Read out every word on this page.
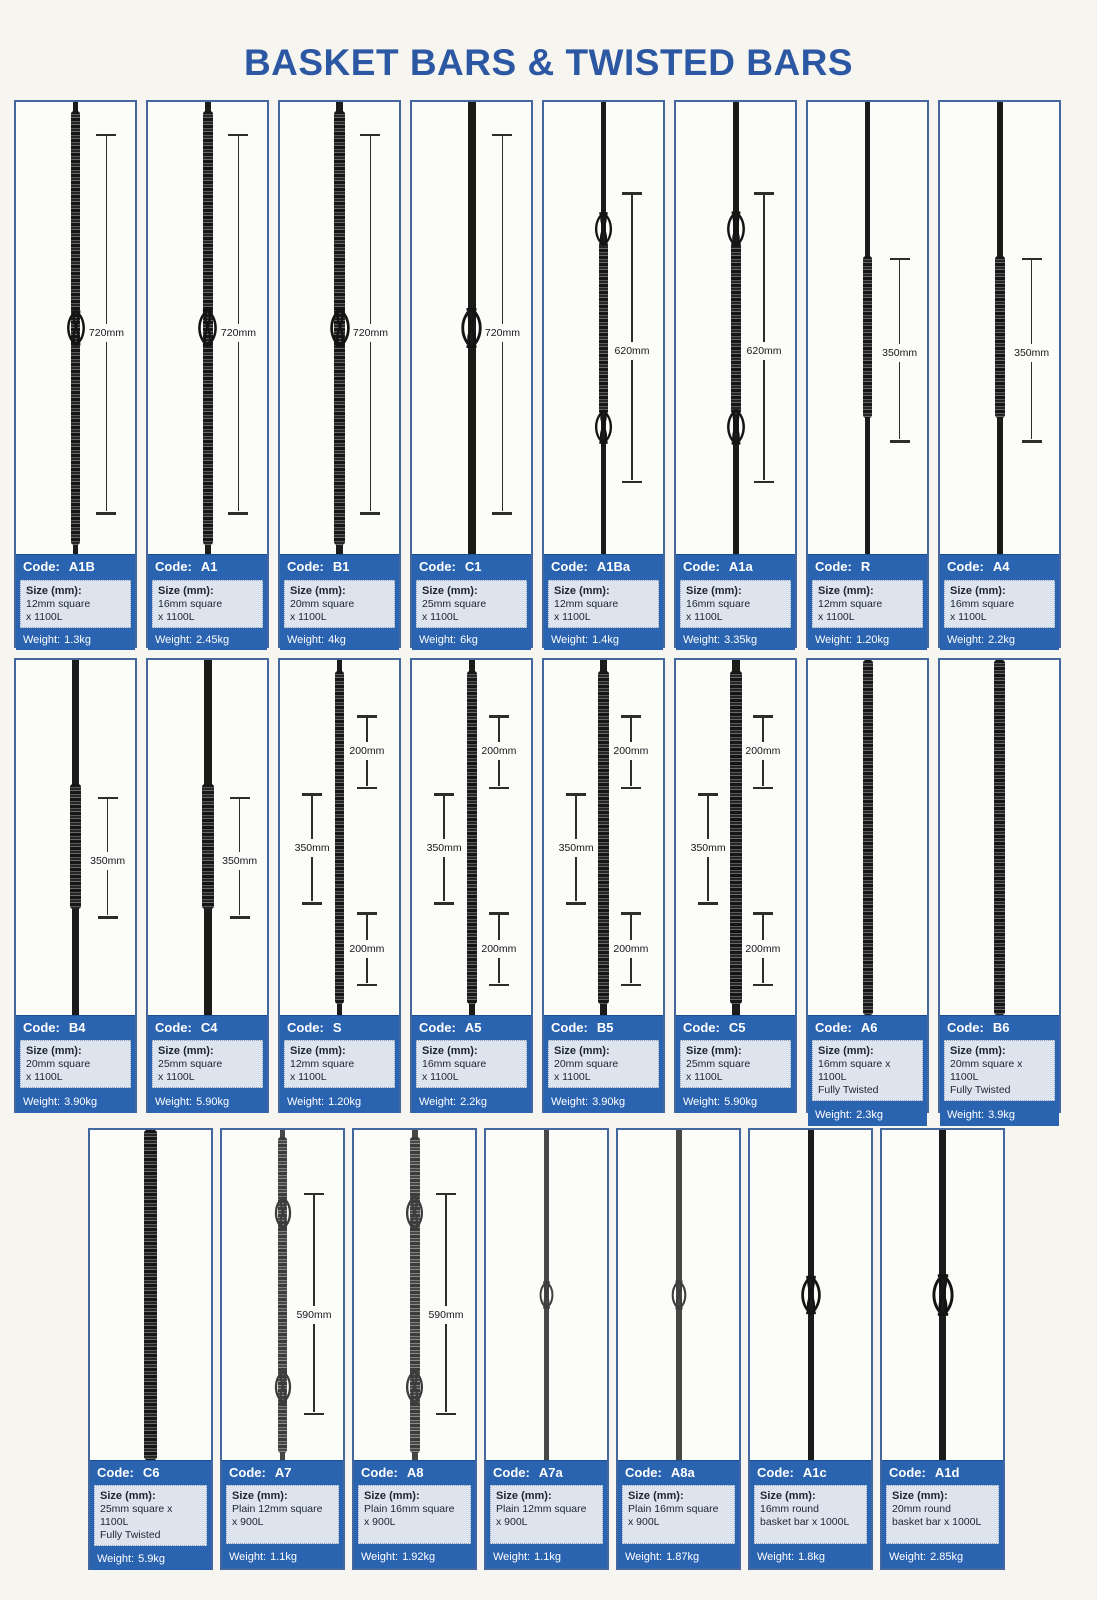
BASKET BARS & TWISTED BARS
720mm
Code: A1B
Size (mm):
12mm square
x 1100L
Weight: 1.3kg
720mm
Code: A1
Size (mm):
16mm square
x 1100L
Weight: 2.45kg
720mm
Code: B1
Size (mm):
20mm square
x 1100L
Weight: 4kg
720mm
Code: C1
Size (mm):
25mm square
x 1100L
Weight: 6kg
620mm
Code: A1Ba
Size (mm):
12mm square
x 1100L
Weight: 1.4kg
620mm
Code: A1a
Size (mm):
16mm square
x 1100L
Weight: 3.35kg
350mm
Code: R
Size (mm):
12mm square
x 1100L
Weight: 1.20kg
350mm
Code: A4
Size (mm):
16mm square
x 1100L
Weight: 2.2kg
350mm
Code: B4
Size (mm):
20mm square
x 1100L
Weight: 3.90kg
350mm
Code: C4
Size (mm):
25mm square
x 1100L
Weight: 5.90kg
350mm
200mm
200mm
Code: S
Size (mm):
12mm square
x 1100L
Weight: 1.20kg
350mm
200mm
200mm
Code: A5
Size (mm):
16mm square
x 1100L
Weight: 2.2kg
350mm
200mm
200mm
Code: B5
Size (mm):
20mm square
x 1100L
Weight: 3.90kg
350mm
200mm
200mm
Code: C5
Size (mm):
25mm square
x 1100L
Weight: 5.90kg
Code: A6
Size (mm):
16mm square x 1100L
Fully Twisted
Weight: 2.3kg
Code: B6
Size (mm):
20mm square x 1100L
Fully Twisted
Weight: 3.9kg
Code: C6
Size (mm):
25mm square x 1100L
Fully Twisted
Weight: 5.9kg
590mm
Code: A7
Size (mm):
Plain 12mm square
x 900L
Weight: 1.1kg
590mm
Code: A8
Size (mm):
Plain 16mm square
x 900L
Weight: 1.92kg
Code: A7a
Size (mm):
Plain 12mm square
x 900L
Weight: 1.1kg
Code: A8a
Size (mm):
Plain 16mm square
x 900L
Weight: 1.87kg
Code: A1c
Size (mm):
16mm round
basket bar x 1000L
Weight: 1.8kg
Code: A1d
Size (mm):
20mm round
basket bar x 1000L
Weight: 2.85kg
